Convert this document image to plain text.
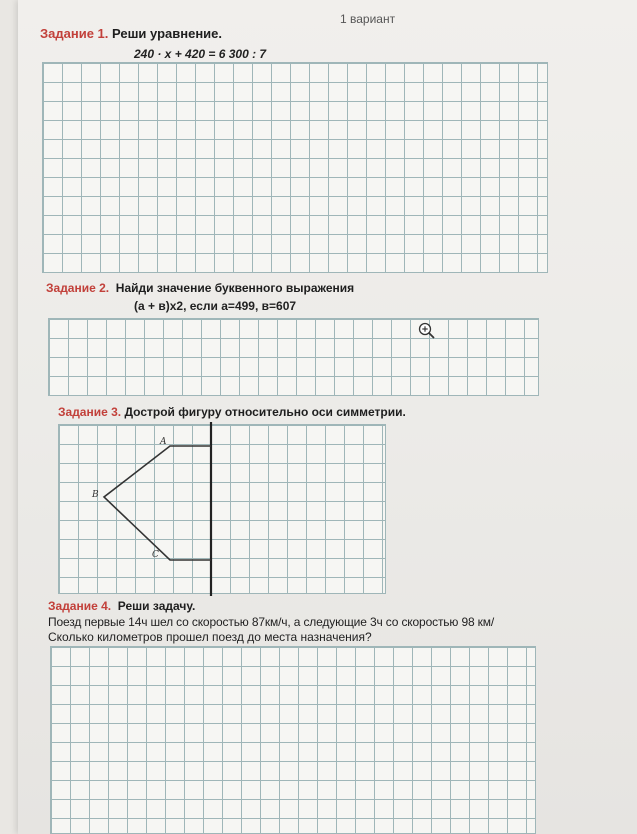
1 вариант
Задание 1. Реши уравнение.
240 · x + 420 = 6 300 : 7
Задание 2. Найди значение буквенного выражения
(а + в)х2, если а=499, в=607
Задание 3. Дострой фигуру относительно оси симметрии.
A
B
C
Задание 4. Реши задачу.
Поезд первые 14ч шел со скоростью 87км/ч, а следующие 3ч со скоростью 98 км/
Сколько километров прошел поезд до места назначения?
